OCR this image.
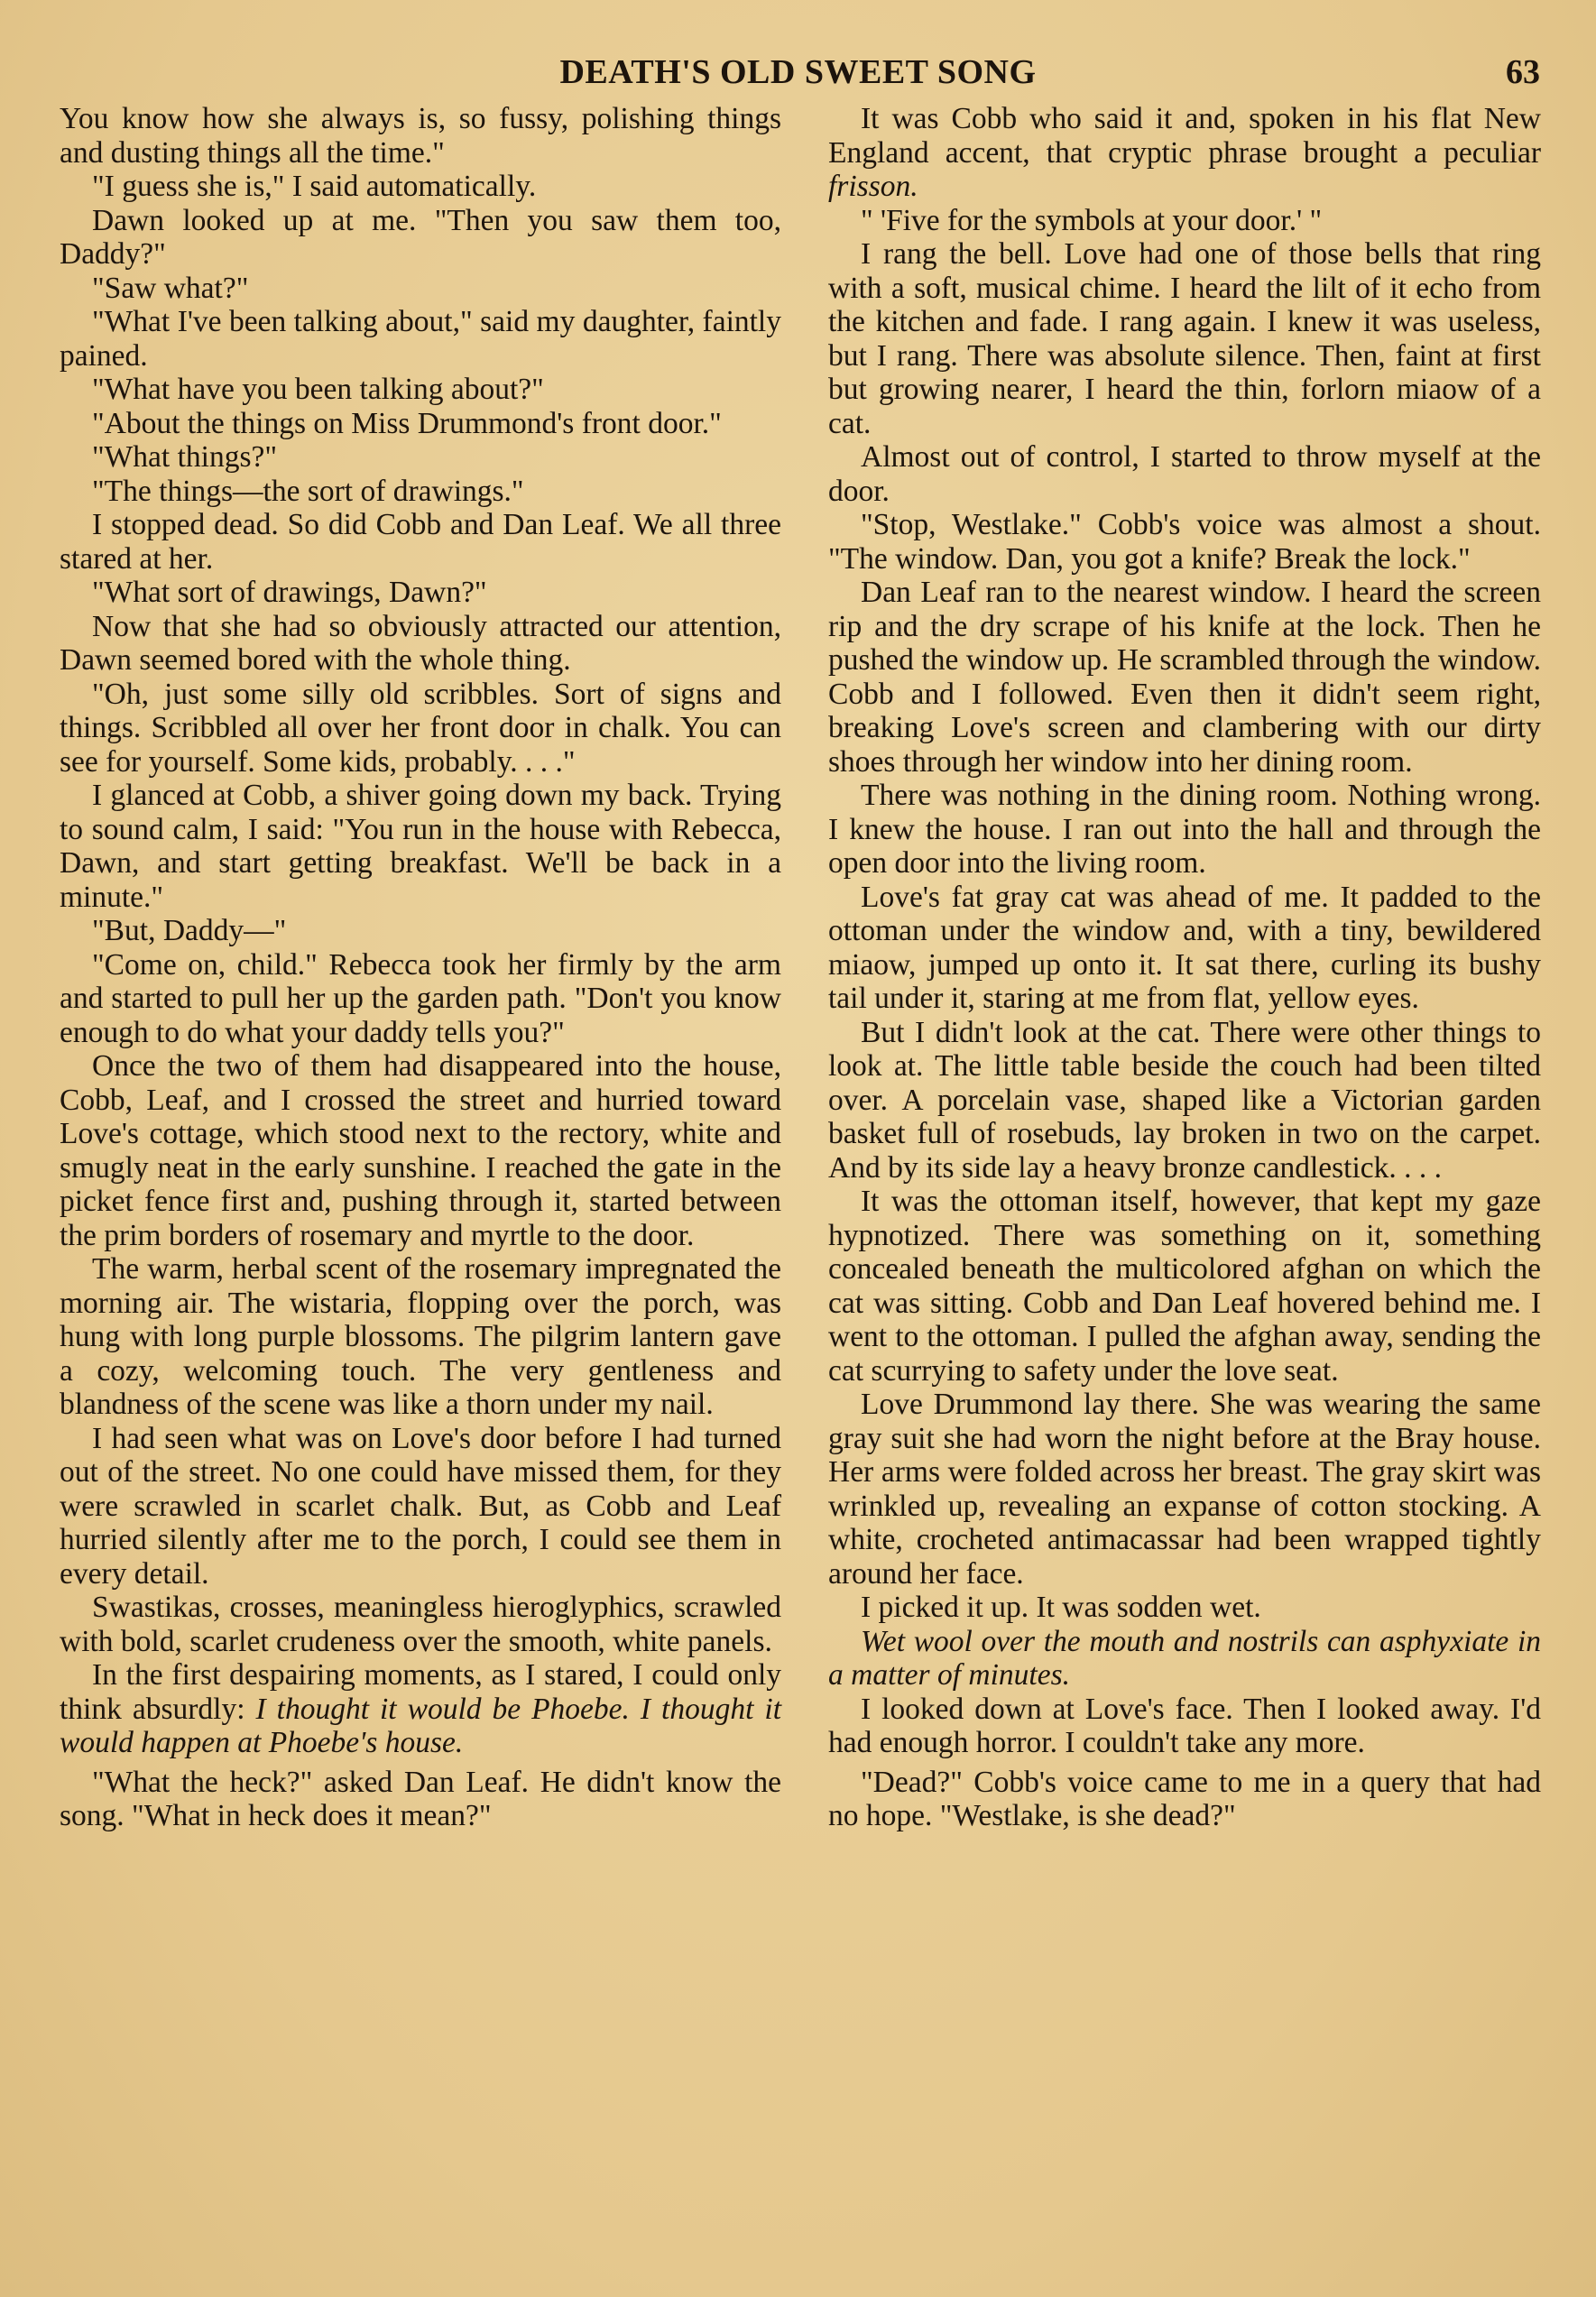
DEATH'S OLD SWEET SONG	63

You know how she always is, so fussy, polishing things and dusting things all the time."

"I guess she is," I said automatically.

Dawn looked up at me. "Then you saw them too, Daddy?"

"Saw what?"

"What I've been talking about," said my daughter, faintly pained.

"What have you been talking about?"

"About the things on Miss Drummond's front door."

"What things?"

"The things—the sort of drawings."

I stopped dead. So did Cobb and Dan Leaf. We all three stared at her.

"What sort of drawings, Dawn?"

Now that she had so obviously attracted our attention, Dawn seemed bored with the whole thing.

"Oh, just some silly old scribbles. Sort of signs and things. Scribbled all over her front door in chalk. You can see for yourself. Some kids, probably. . . ."

I glanced at Cobb, a shiver going down my back. Trying to sound calm, I said: "You run in the house with Rebecca, Dawn, and start getting breakfast. We'll be back in a minute."

"But, Daddy—"

"Come on, child." Rebecca took her firmly by the arm and started to pull her up the garden path. "Don't you know enough to do what your daddy tells you?"

Once the two of them had disappeared into the house, Cobb, Leaf, and I crossed the street and hurried toward Love's cottage, which stood next to the rectory, white and smugly neat in the early sunshine. I reached the gate in the picket fence first and, pushing through it, started between the prim borders of rosemary and myrtle to the door.

The warm, herbal scent of the rosemary impregnated the morning air. The wistaria, flopping over the porch, was hung with long purple blossoms. The pilgrim lantern gave a cozy, welcoming touch. The very gentleness and blandness of the scene was like a thorn under my nail.

I had seen what was on Love's door before I had turned out of the street. No one could have missed them, for they were scrawled in scarlet chalk. But, as Cobb and Leaf hurried silently after me to the porch, I could see them in every detail.

Swastikas, crosses, meaningless hieroglyphics, scrawled with bold, scarlet crudeness over the smooth, white panels.

In the first despairing moments, as I stared, I could only think absurdly: I thought it would be Phoebe. I thought it would happen at Phoebe's house.

"What the heck?" asked Dan Leaf. He didn't know the song. "What in heck does it mean?"

It was Cobb who said it and, spoken in his flat New England accent, that cryptic phrase brought a peculiar frisson.

" 'Five for the symbols at your door.' "

I rang the bell. Love had one of those bells that ring with a soft, musical chime. I heard the lilt of it echo from the kitchen and fade. I rang again. I knew it was useless, but I rang. There was absolute silence. Then, faint at first but growing nearer, I heard the thin, forlorn miaow of a cat.

Almost out of control, I started to throw myself at the door.

"Stop, Westlake." Cobb's voice was almost a shout. "The window. Dan, you got a knife? Break the lock."

Dan Leaf ran to the nearest window. I heard the screen rip and the dry scrape of his knife at the lock. Then he pushed the window up. He scrambled through the window. Cobb and I followed. Even then it didn't seem right, breaking Love's screen and clambering with our dirty shoes through her window into her dining room.

There was nothing in the dining room. Nothing wrong. I knew the house. I ran out into the hall and through the open door into the living room.

Love's fat gray cat was ahead of me. It padded to the ottoman under the window and, with a tiny, bewildered miaow, jumped up onto it. It sat there, curling its bushy tail under it, staring at me from flat, yellow eyes.

But I didn't look at the cat. There were other things to look at. The little table beside the couch had been tilted over. A porcelain vase, shaped like a Victorian garden basket full of rosebuds, lay broken in two on the carpet. And by its side lay a heavy bronze candlestick. . . .

It was the ottoman itself, however, that kept my gaze hypnotized. There was something on it, something concealed beneath the multicolored afghan on which the cat was sitting. Cobb and Dan Leaf hovered behind me. I went to the ottoman. I pulled the afghan away, sending the cat scurrying to safety under the love seat.

Love Drummond lay there. She was wearing the same gray suit she had worn the night before at the Bray house. Her arms were folded across her breast. The gray skirt was wrinkled up, revealing an expanse of cotton stocking. A white, crocheted antimacassar had been wrapped tightly around her face.

I picked it up. It was sodden wet.

Wet wool over the mouth and nostrils can asphyxiate in a matter of minutes.

I looked down at Love's face. Then I looked away. I'd had enough horror. I couldn't take any more.

"Dead?" Cobb's voice came to me in a query that had no hope. "Westlake, is she dead?"
